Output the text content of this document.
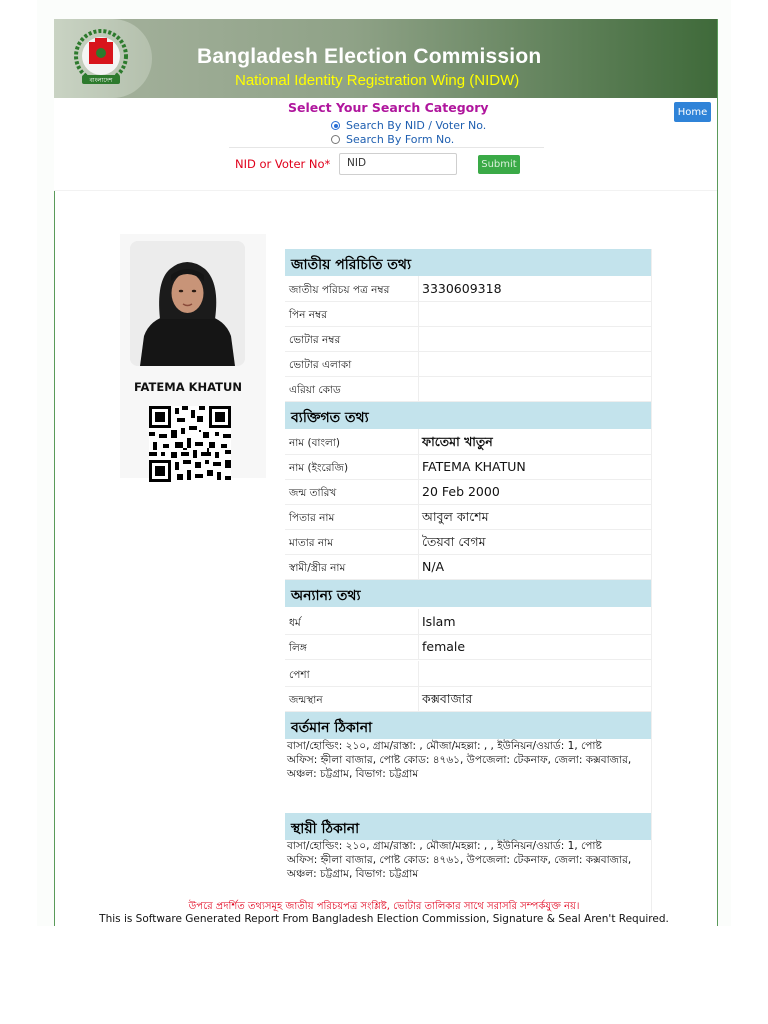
বাংলাদেশ
Bangladesh Election Commission
National Identity Registration Wing (NIDW)
Select Your Search Category
Search By NID / Voter No.
Search By Form No.
NID or Voter No*	NID	Submit
Home
FATEMA KHATUN
জাতীয় পরিচিতি তথ্য
জাতীয় পরিচয় পত্র নম্বর	3330609318
পিন নম্বর
ভোটার নম্বর
ভোটার এলাকা
এরিয়া কোড
ব্যক্তিগত তথ্য
নাম (বাংলা)	ফাতেমা খাতুন
নাম (ইংরেজি)	FATEMA KHATUN
জন্ম তারিখ	20 Feb 2000
পিতার নাম	আবুল কাশেম
মাতার নাম	তৈয়বা বেগম
স্বামী/স্ত্রীর নাম	N/A
অন্যান্য তথ্য
ধর্ম	Islam
লিঙ্গ	female
পেশা
জন্মস্থান	কক্সবাজার
বর্তমান ঠিকানা
বাসা/হোল্ডিং: ২১০, গ্রাম/রাস্তা: , মৌজা/মহল্লা: , , ইউনিয়ন/ওয়ার্ড: 1, পোষ্ট অফিস: হ্নীলা বাজার, পোষ্ট কোড: ৪৭৬১, উপজেলা: টেকনাফ, জেলা: কক্সবাজার, অঞ্চল: চট্টগ্রাম, বিভাগ: চট্টগ্রাম
স্থায়ী ঠিকানা
বাসা/হোল্ডিং: ২১০, গ্রাম/রাস্তা: , মৌজা/মহল্লা: , , ইউনিয়ন/ওয়ার্ড: 1, পোষ্ট অফিস: হ্নীলা বাজার, পোষ্ট কোড: ৪৭৬১, উপজেলা: টেকনাফ, জেলা: কক্সবাজার, অঞ্চল: চট্টগ্রাম, বিভাগ: চট্টগ্রাম
উপরে প্রদর্শিত তথ্যসমূহ জাতীয় পরিচয়পত্র সংশ্লিষ্ট, ভোটার তালিকার সাথে সরাসরি সম্পর্কযুক্ত নয়।
This is Software Generated Report From Bangladesh Election Commission, Signature & Seal Aren't Required.
